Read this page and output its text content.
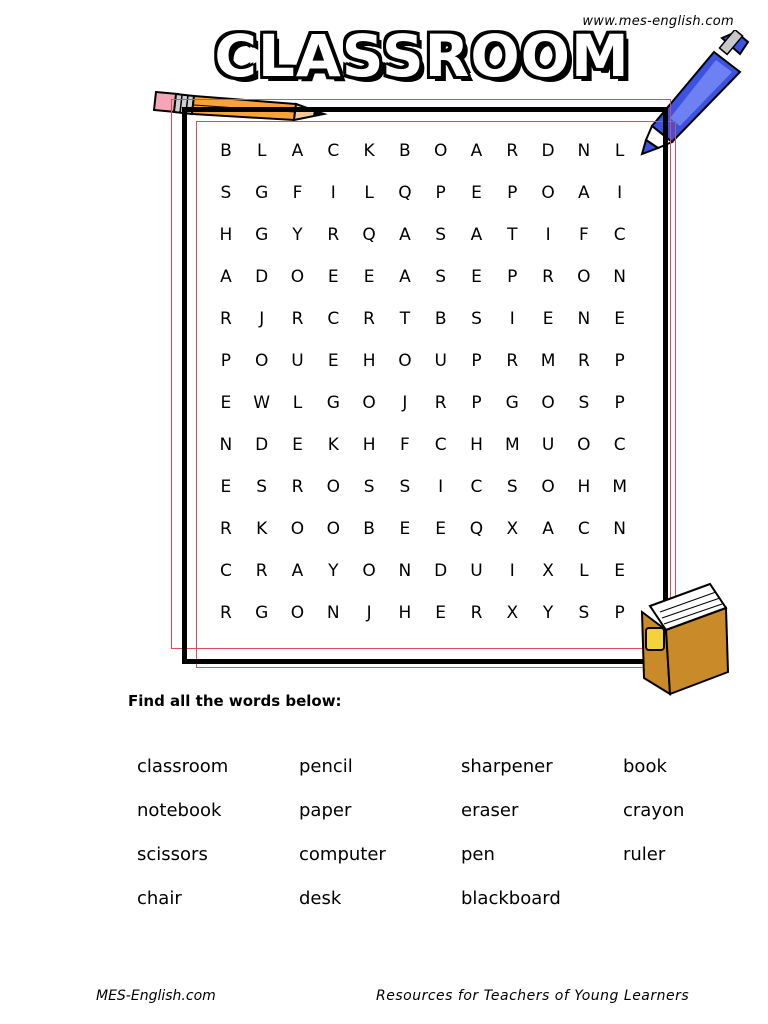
www.mes-english.com
CLASSROOM
B	L	A	C	K	B	O	A	R	D	N	L
S	G	F	I	L	Q	P	E	P	O	A	I
H	G	Y	R	Q	A	S	A	T	I	F	C
A	D	O	E	E	A	S	E	P	R	O	N
R	J	R	C	R	T	B	S	I	E	N	E
P	O	U	E	H	O	U	P	R	M	R	P
E	W	L	G	O	J	R	P	G	O	S	P
N	D	E	K	H	F	C	H	M	U	O	C
E	S	R	O	S	S	I	C	S	O	H	M
R	K	O	O	B	E	E	Q	X	A	C	N
C	R	A	Y	O	N	D	U	I	X	L	E
R	G	O	N	J	H	E	R	X	Y	S	P
Find all the words below:
classroom	pencil	sharpener	book
notebook	paper	eraser	crayon
scissors	computer	pen	ruler
chair	desk	blackboard
MES-English.com	Resources for Teachers of Young Learners
